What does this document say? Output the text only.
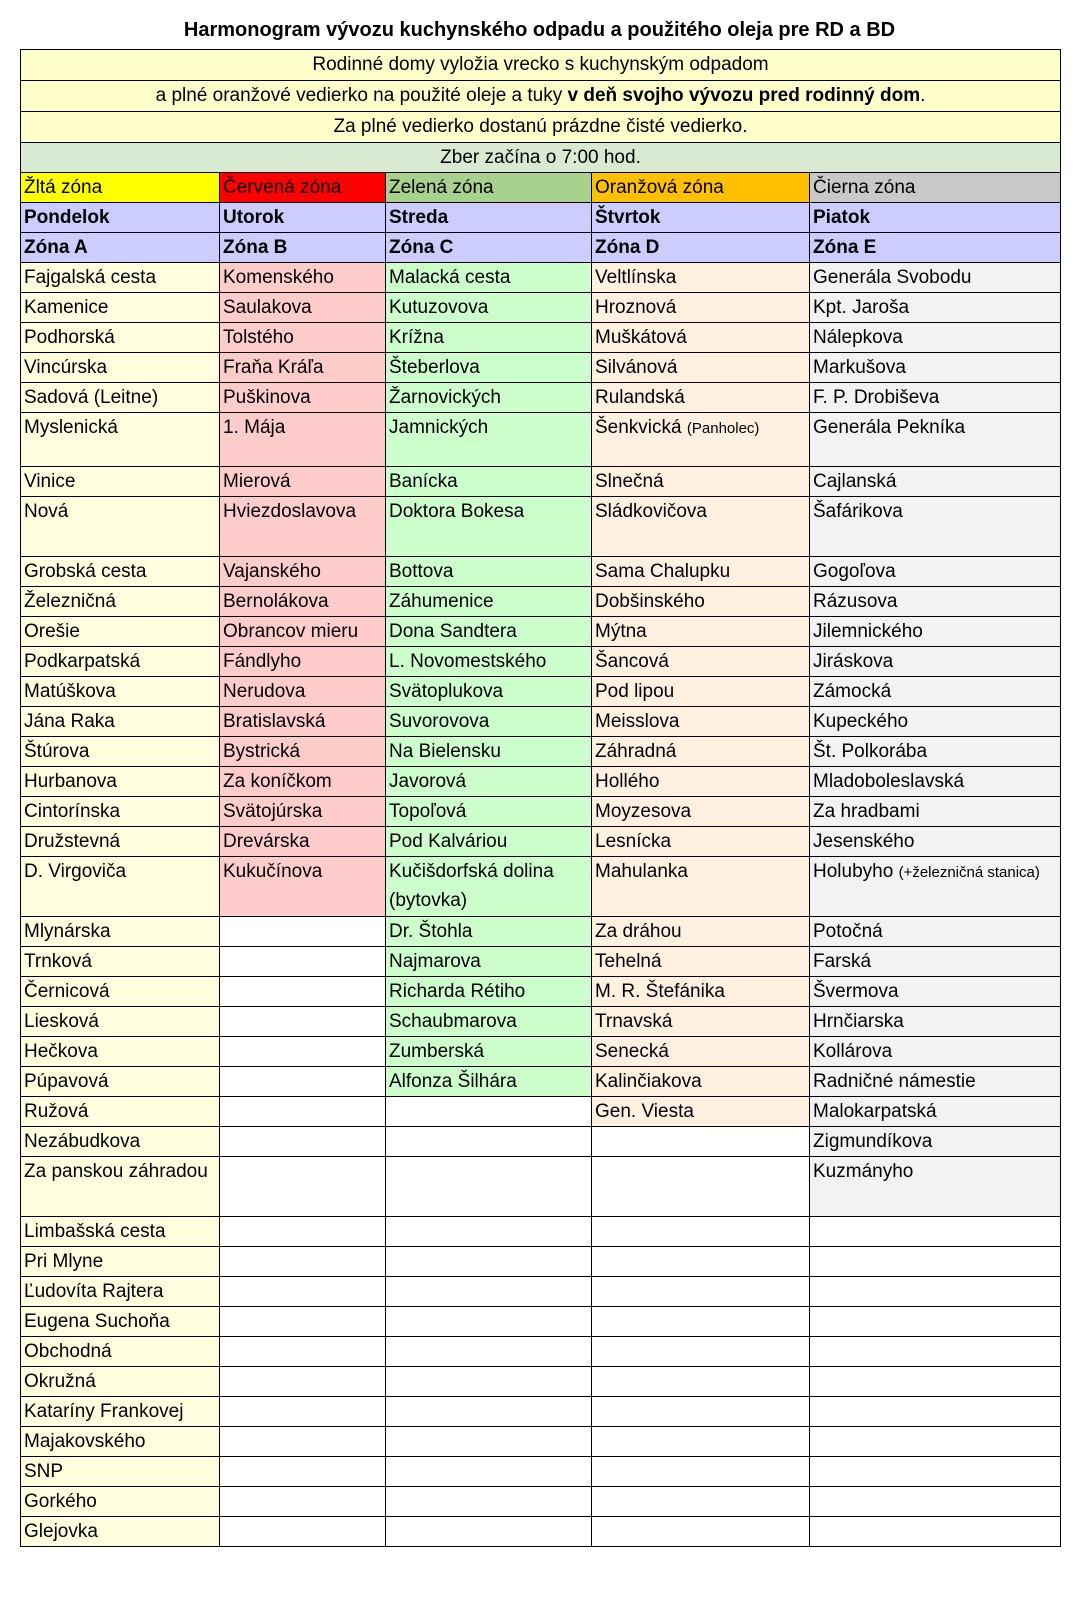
Harmonogram vývozu kuchynského odpadu a použitého oleja pre RD a BD
Rodinné domy vyložia vrecko s kuchynským odpadom				
a plné oranžové vedierko na použité oleje a tuky v deň svojho vývozu pred rodinný dom.				
Za plné vedierko dostanú prázdne čisté vedierko.				
Zber začína o 7:00 hod.				
Žltá zóna	Červená zóna	Zelená zóna	Oranžová zóna	Čierna zóna
Pondelok	Utorok	Streda	Štvrtok	Piatok
Zóna A	Zóna B	Zóna C	Zóna D	Zóna E
Fajgalská cesta	Komenského	Malacká cesta	Veltlínska	Generála Svobodu
Kamenice	Saulakova	Kutuzovova	Hroznová	Kpt. Jaroša
Podhorská	Tolstého	Krížna	Muškátová	Nálepkova
Vincúrska	Fraňa Kráľa	Šteberlova	Silvánová	Markušova
Sadová (Leitne)	Puškinova	Žarnovických	Rulandská	F. P. Drobiševa
Myslenická	1. Mája	Jamnických	Šenkvická (Panholec)	Generála Pekníka
Vinice	Mierová	Banícka	Slnečná	Cajlanská
Nová	Hviezdoslavova	Doktora Bokesa	Sládkovičova	Šafárikova
Grobská cesta	Vajanského	Bottova	Sama Chalupku	Gogoľova
Železničná	Bernolákova	Záhumenice	Dobšinského	Rázusova
Orešie	Obrancov mieru	Dona Sandtera	Mýtna	Jilemnického
Podkarpatská	Fándlyho	L. Novomestského	Šancová	Jiráskova
Matúškova	Nerudova	Svätoplukova	Pod lipou	Zámocká
Jána Raka	Bratislavská	Suvorovova	Meisslova	Kupeckého
Štúrova	Bystrická	Na Bielensku	Záhradná	Št. Polkorába
Hurbanova	Za koníčkom	Javorová	Hollého	Mladoboleslavská
Cintorínska	Svätojúrska	Topoľová	Moyzesova	Za hradbami
Družstevná	Drevárska	Pod Kalváriou	Lesnícka	Jesenského
D. Virgoviča	Kukučínova	Kučišdorfská dolina (bytovka)	Mahulanka	Holubyho (+železničná stanica)
Mlynárska		Dr. Štohla	Za dráhou	Potočná
Trnková		Najmarova	Tehelná	Farská
Černicová		Richarda Rétiho	M. R. Štefánika	Švermova
Liesková		Schaubmarova	Trnavská	Hrnčiarska
Hečkova		Zumberská	Senecká	Kollárova
Púpavová		Alfonza Šilhára	Kalinčiakova	Radničné námestie
Ružová			Gen. Viesta	Malokarpatská
Nezábudkova				Zigmundíkova
Za panskou záhradou				Kuzmányho
Limbašská cesta				
Pri Mlyne				
Ľudovíta Rajtera				
Eugena Suchoňa				
Obchodná				
Okružná				
Kataríny Frankovej				
Majakovského				
SNP				
Gorkého				
Glejovka				
